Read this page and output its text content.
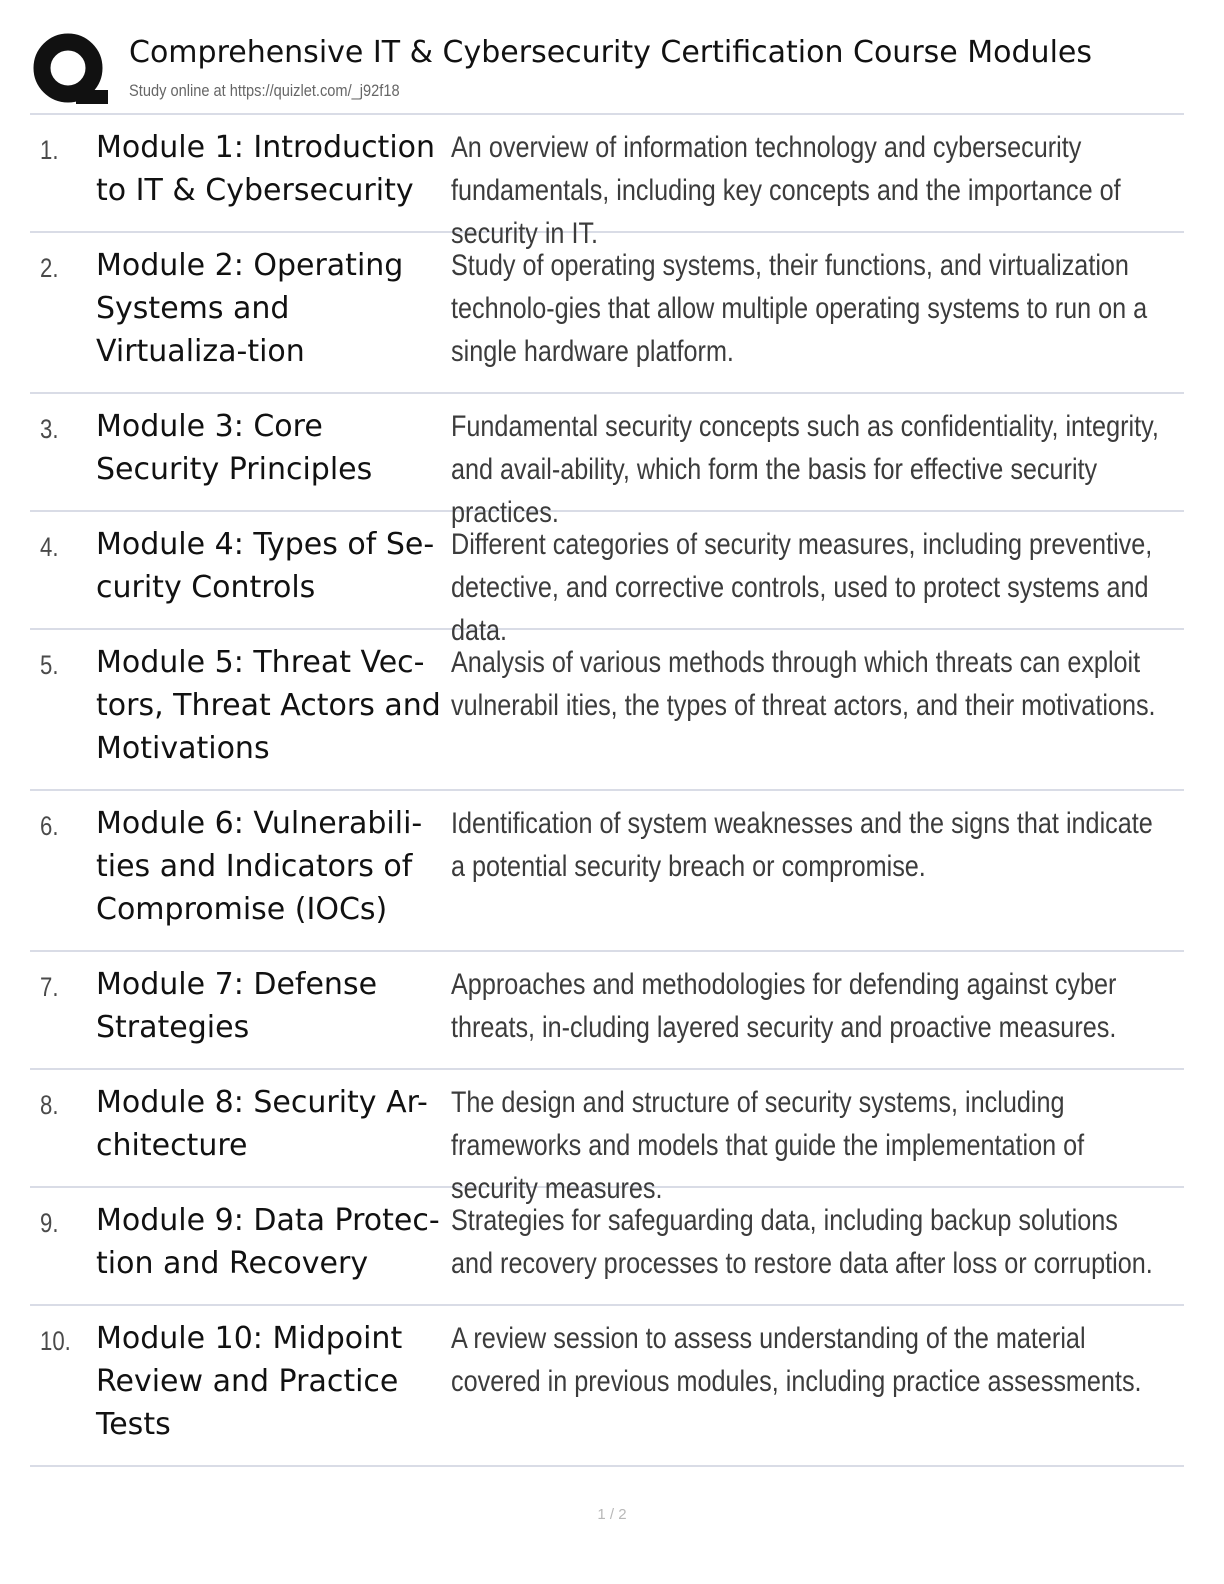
Comprehensive IT & Cybersecurity Certification Course Modules
Study online at https://quizlet.com/_j92f18
1. Module 1: Introduction to IT & Cybersecurity
An overview of information technology and cybersecurity fundamentals, including key concepts and the importance of security in IT.
2. Module 2: Operating Systems and Virtualiza-tion
Study of operating systems, their functions, and virtualization technolo-gies that allow multiple operating systems to run on a single hardware platform.
3. Module 3: Core Security Principles
Fundamental security concepts such as confidentiality, integrity, and avail-ability, which form the basis for effective security practices.
4. Module 4: Types of Se-curity Controls
Different categories of security measures, including preventive, detective, and corrective controls, used to protect systems and data.
5. Module 5: Threat Vec-tors, Threat Actors and Motivations
Analysis of various methods through which threats can exploit vulnerabil ities, the types of threat actors, and their motivations.
6. Module 6: Vulnerabili-ties and Indicators of Compromise (IOCs)
Identification of system weaknesses and the signs that indicate a potential security breach or compromise.
7. Module 7: Defense Strategies
Approaches and methodologies for defending against cyber threats, in-cluding layered security and proactive measures.
8. Module 8: Security Ar-chitecture
The design and structure of security systems, including frameworks and models that guide the implementation of security measures.
9. Module 9: Data Protec-tion and Recovery
Strategies for safeguarding data, including backup solutions and recovery processes to restore data after loss or corruption.
10. Module 10: Midpoint Review and Practice Tests
A review session to assess understanding of the material covered in previous modules, including practice assessments.
1 / 2
